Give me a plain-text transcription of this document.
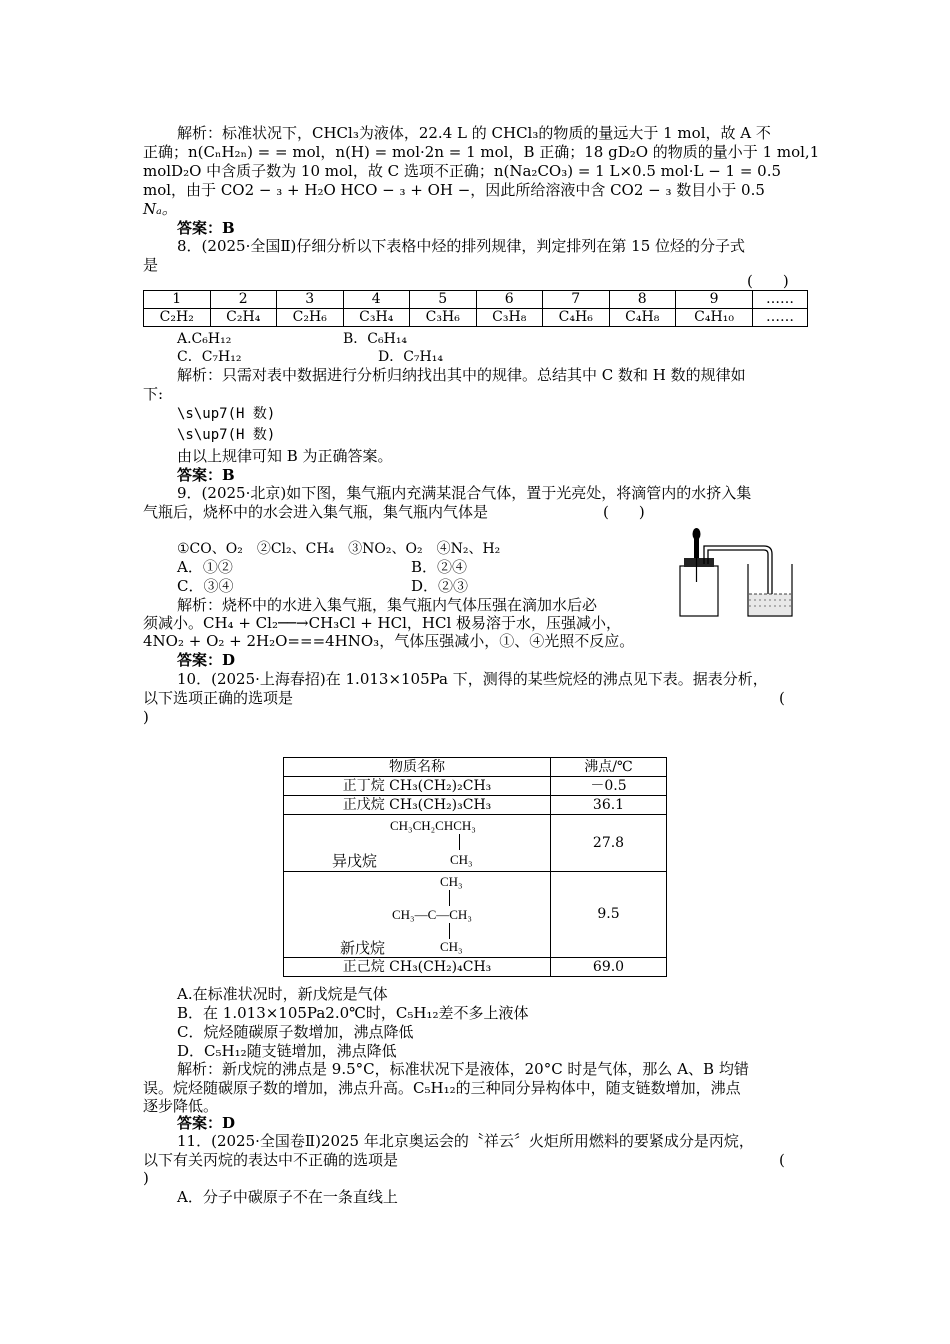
解析：标准状况下，CHCl₃为液体，22.4 L 的 CHCl₃的物质的量远大于 1 mol，故 A 不
正确；n(CₙH₂ₙ) = = mol，n(H) = mol·2n = 1 mol，B 正确；18 gD₂O 的物质的量小于 1 mol,1
molD₂O 中含质子数为 10 mol，故 C 选项不正确；n(Na₂CO₃) = 1 L×0.5 mol·L − 1 = 0.5
mol，由于 CO2 − ₃ + H₂O HCO − ₃ + OH −，因此所给溶液中含 CO2 − ₃ 数目小于 0.5
Nₐ。
答案：B
8．(2025·全国Ⅱ)仔细分析以下表格中烃的排列规律，判定排列在第 15 位烃的分子式
是
(　　)
1	2	3	4	5	6	7	8	9	……
C₂H₂	C₂H₄	C₂H₆	C₃H₄	C₃H₆	C₃H₈	C₄H₆	C₄H₈	C₄H₁₀	……
A.C₆H₁₂	B．C₆H₁₄
C．C₇H₁₂	D．C₇H₁₄
解析：只需对表中数据进行分析归纳找出其中的规律。总结其中 C 数和 H 数的规律如
下:
\s\up7(H 数)
\s\up7(H 数)
由以上规律可知 B 为正确答案。
答案：B
9．(2025·北京)如下图，集气瓶内充满某混合气体，置于光亮处，将滴管内的水挤入集
气瓶后，烧杯中的水会进入集气瓶，集气瓶内气体是	(　　)
①CO、O₂　②Cl₂、CH₄　③NO₂、O₂　④N₂、H₂
A．①②	B．②④
C．③④	D．②③
解析：烧杯中的水进入集气瓶，集气瓶内气体压强在滴加水后必
须减小。CH₄ + Cl₂──→CH₃Cl + HCl，HCl 极易溶于水，压强减小，
4NO₂ + O₂ + 2H₂O===4HNO₃，气体压强减小，①、④光照不反应。
答案：D
10．(2025·上海春招)在 1.013×105Pa 下，测得的某些烷烃的沸点见下表。据表分析，
以下选项正确的选项是	(
)
物质名称	沸点/℃
正丁烷 CH₃(CH₂)₂CH₃	－0.5
正戊烷 CH₃(CH₂)₃CH₃	36.1

CH₃CH₂CHCH₃
CH₃
异戊烷	27.8

CH₃
CH₃—C—CH₃
CH₃
新戊烷	9.5
正己烷 CH₃(CH₂)₄CH₃	69.0
A.在标准状况时，新戊烷是气体
B．在 1.013×105Pa2.0℃时，C₅H₁₂差不多上液体
C．烷烃随碳原子数增加，沸点降低
D．C₅H₁₂随支链增加，沸点降低
解析：新戊烷的沸点是 9.5°C，标准状况下是液体，20°C 时是气体，那么 A、B 均错
误。烷烃随碳原子数的增加，沸点升高。C₅H₁₂的三种同分异构体中，随支链数增加，沸点
逐步降低。
答案：D
11．(2025·全国卷Ⅱ)2025 年北京奥运会的〝祥云〞火炬所用燃料的要紧成分是丙烷，
以下有关丙烷的表达中不正确的选项是	(
)
A．分子中碳原子不在一条直线上
